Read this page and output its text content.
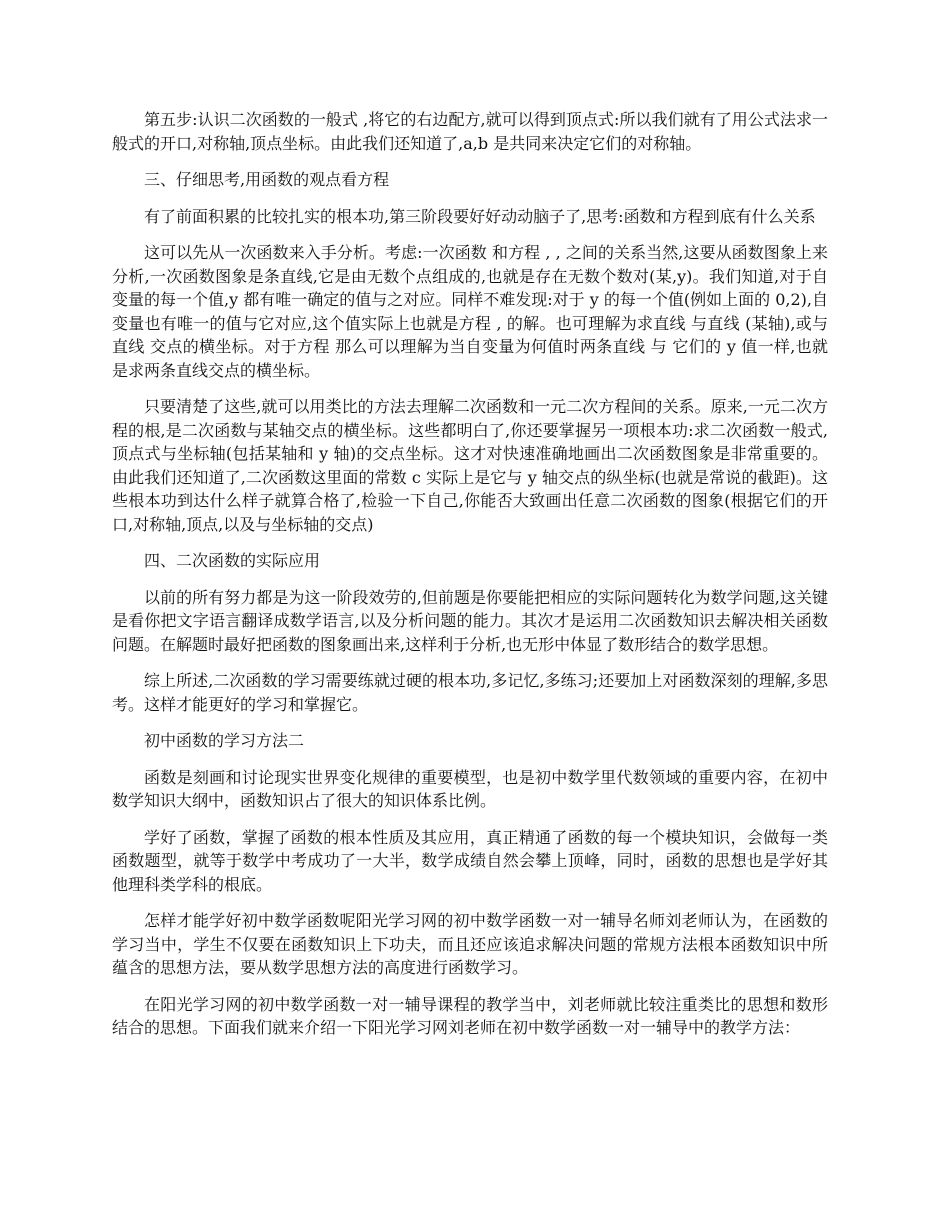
第五步:认识二次函数的一般式 ,将它的右边配方,就可以得到顶点式:所以我们就有了用公式法求一般式的开口,对称轴,顶点坐标。由此我们还知道了,a,b 是共同来决定它们的对称轴。

三、仔细思考,用函数的观点看方程

有了前面积累的比较扎实的根本功,第三阶段要好好动动脑子了,思考:函数和方程到底有什么关系

这可以先从一次函数来入手分析。考虑:一次函数 和方程 , , 之间的关系当然,这要从函数图象上来分析,一次函数图象是条直线,它是由无数个点组成的,也就是存在无数个数对(某,y)。我们知道,对于自变量的每一个值,y 都有唯一确定的值与之对应。同样不难发现:对于 y 的每一个值(例如上面的 0,2),自变量也有唯一的值与它对应,这个值实际上也就是方程 , 的解。也可理解为求直线 与直线 (某轴),或与直线 交点的横坐标。对于方程 那么可以理解为当自变量为何值时两条直线 与 它们的 y 值一样,也就是求两条直线交点的横坐标。

只要清楚了这些,就可以用类比的方法去理解二次函数和一元二次方程间的关系。原来,一元二次方程的根,是二次函数与某轴交点的横坐标。这些都明白了,你还要掌握另一项根本功:求二次函数一般式,顶点式与坐标轴(包括某轴和 y 轴)的交点坐标。这才对快速准确地画出二次函数图象是非常重要的。由此我们还知道了,二次函数这里面的常数 c 实际上是它与 y 轴交点的纵坐标(也就是常说的截距)。这些根本功到达什么样子就算合格了,检验一下自己,你能否大致画出任意二次函数的图象(根据它们的开口,对称轴,顶点,以及与坐标轴的交点)

四、二次函数的实际应用

以前的所有努力都是为这一阶段效劳的,但前题是你要能把相应的实际问题转化为数学问题,这关键是看你把文字语言翻译成数学语言,以及分析问题的能力。其次才是运用二次函数知识去解决相关函数问题。在解题时最好把函数的图象画出来,这样利于分析,也无形中体显了数形结合的数学思想。

综上所述,二次函数的学习需要练就过硬的根本功,多记忆,多练习;还要加上对函数深刻的理解,多思考。这样才能更好的学习和掌握它。

初中函数的学习方法二

函数是刻画和讨论现实世界变化规律的重要模型，也是初中数学里代数领域的重要内容，在初中数学知识大纲中，函数知识占了很大的知识体系比例。

学好了函数，掌握了函数的根本性质及其应用，真正精通了函数的每一个模块知识，会做每一类函数题型，就等于数学中考成功了一大半，数学成绩自然会攀上顶峰，同时，函数的思想也是学好其他理科类学科的根底。

怎样才能学好初中数学函数呢阳光学习网的初中数学函数一对一辅导名师刘老师认为，在函数的学习当中，学生不仅要在函数知识上下功夫，而且还应该追求解决问题的常规方法根本函数知识中所蕴含的思想方法，要从数学思想方法的高度进行函数学习。

在阳光学习网的初中数学函数一对一辅导课程的教学当中，刘老师就比较注重类比的思想和数形结合的思想。下面我们就来介绍一下阳光学习网刘老师在初中数学函数一对一辅导中的教学方法：
